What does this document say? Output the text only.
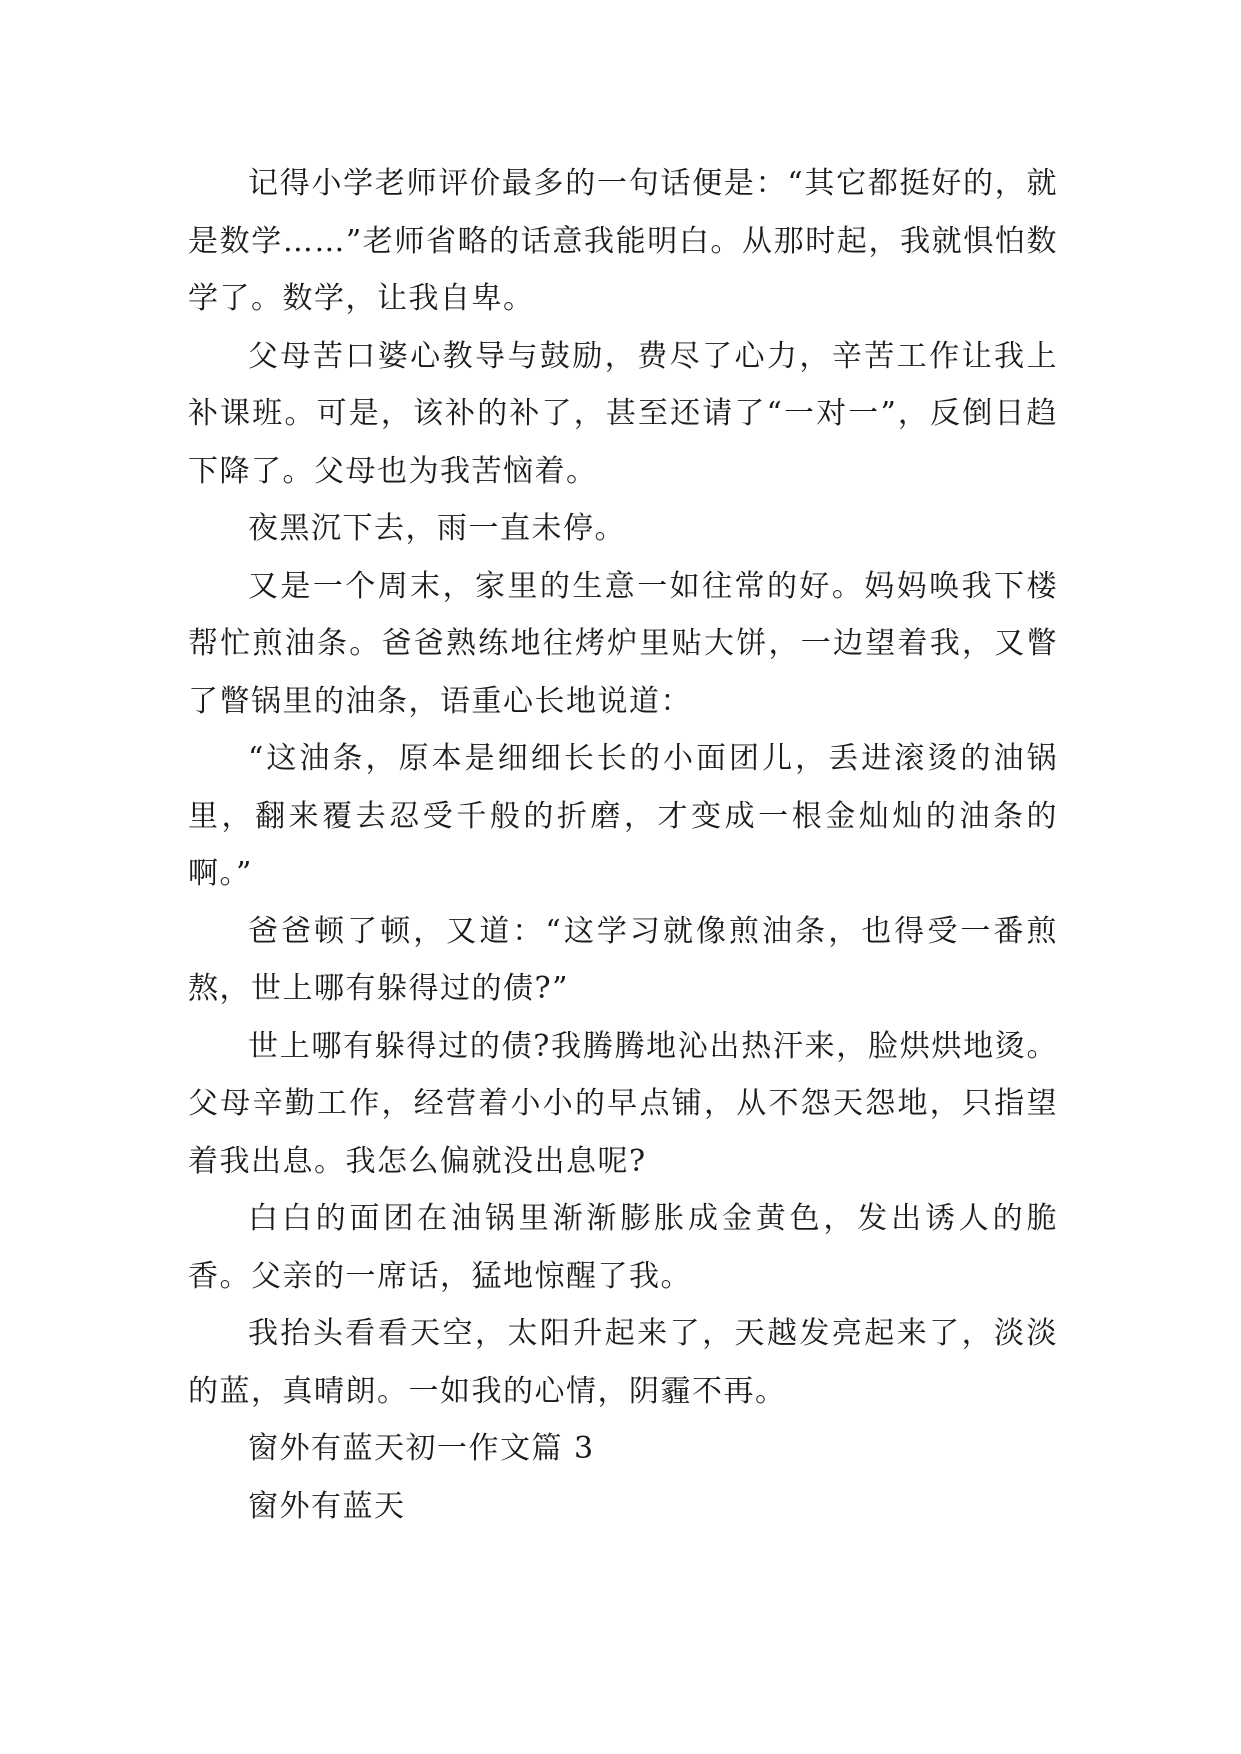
记得小学老师评价最多的一句话便是：“其它都挺好的，就是数学……”老师省略的话意我能明白。从那时起，我就惧怕数学了。数学，让我自卑。

父母苦口婆心教导与鼓励，费尽了心力，辛苦工作让我上补课班。可是，该补的补了，甚至还请了“一对一”，反倒日趋下降了。父母也为我苦恼着。

夜黑沉下去，雨一直未停。

又是一个周末，家里的生意一如往常的好。妈妈唤我下楼帮忙煎油条。爸爸熟练地往烤炉里贴大饼，一边望着我，又瞥了瞥锅里的油条，语重心长地说道：

“这油条，原本是细细长长的小面团儿，丢进滚烫的油锅里，翻来覆去忍受千般的折磨，才变成一根金灿灿的油条的啊。”

爸爸顿了顿，又道：“这学习就像煎油条，也得受一番煎熬，世上哪有躲得过的债?”

世上哪有躲得过的债?我腾腾地沁出热汗来，脸烘烘地烫。父母辛勤工作，经营着小小的早点铺，从不怨天怨地，只指望着我出息。我怎么偏就没出息呢?

白白的面团在油锅里渐渐膨胀成金黄色，发出诱人的脆香。父亲的一席话，猛地惊醒了我。

我抬头看看天空，太阳升起来了，天越发亮起来了，淡淡的蓝，真晴朗。一如我的心情，阴霾不再。

窗外有蓝天初一作文篇 3

窗外有蓝天
